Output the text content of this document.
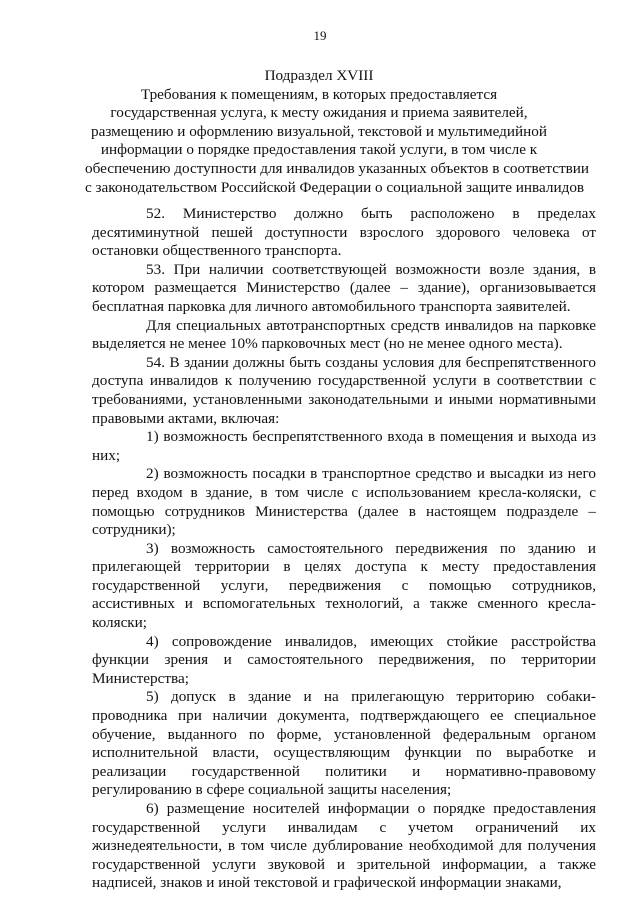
19
Подраздел XVIII
Требования к помещениям, в которых предоставляется
государственная услуга, к месту ожидания и приема заявителей,
размещению и оформлению визуальной, текстовой и мультимедийной
информации о порядке предоставления такой услуги, в том числе к
обеспечению доступности для инвалидов указанных объектов в соответствии
с законодательством Российской Федерации о социальной защите инвалидов

52. Министерство должно быть расположено в пределах десятиминутной пешей доступности взрослого здорового человека от остановки общественного транспорта.

53. При наличии соответствующей возможности возле здания, в котором размещается Министерство (далее – здание), организовывается бесплатная парковка для личного автомобильного транспорта заявителей.

Для специальных автотранспортных средств инвалидов на парковке выделяется не менее 10% парковочных мест (но не менее одного места).

54. В здании должны быть созданы условия для беспрепятственного доступа инвалидов к получению государственной услуги в соответствии с требованиями, установленными законодательными и иными нормативными правовыми актами, включая:

1) возможность беспрепятственного входа в помещения и выхода из них;

2) возможность посадки в транспортное средство и высадки из него перед входом в здание, в том числе с использованием кресла-коляски, с помощью сотрудников Министерства (далее в настоящем подразделе – сотрудники);

3) возможность самостоятельного передвижения по зданию и прилегающей территории в целях доступа к месту предоставления государственной услуги, передвижения с помощью сотрудников, ассистивных и вспомогательных технологий, а также сменного кресла-коляски;

4) сопровождение инвалидов, имеющих стойкие расстройства функции зрения и самостоятельного передвижения, по территории Министерства;

5) допуск в здание и на прилегающую территорию собаки-проводника при наличии документа, подтверждающего ее специальное обучение, выданного по форме, установленной федеральным органом исполнительной власти, осуществляющим функции по выработке и реализации государственной политики и нормативно-правовому регулированию в сфере социальной защиты населения;

6) размещение носителей информации о порядке предоставления государственной услуги инвалидам с учетом ограничений их жизнедеятельности, в том числе дублирование необходимой для получения государственной услуги звуковой и зрительной информации, а также надписей, знаков и иной текстовой и графической информации знаками,
